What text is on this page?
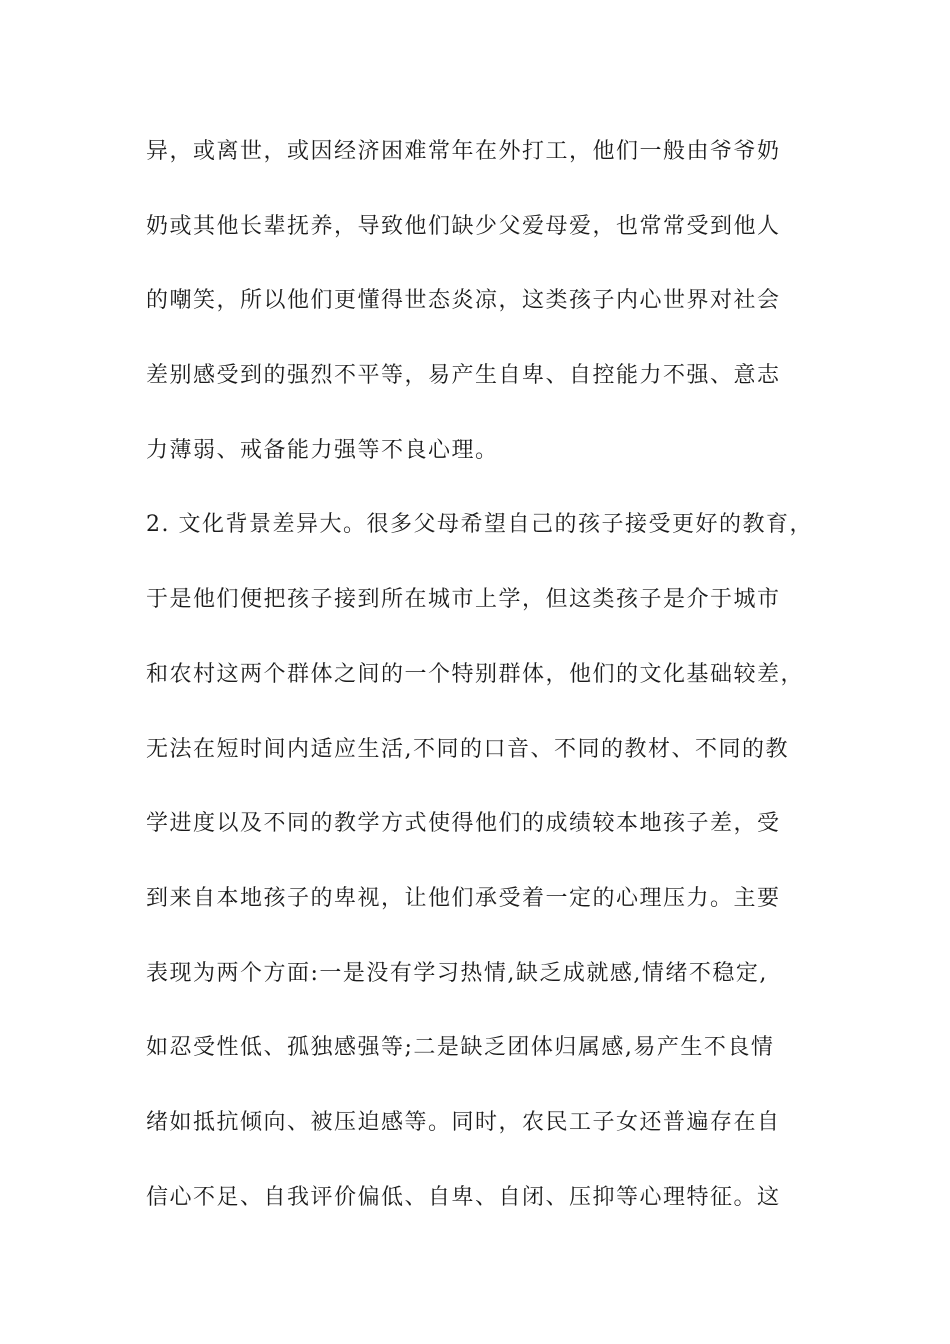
异，或离世，或因经济困难常年在外打工，他们一般由爷爷奶
奶或其他长辈抚养，导致他们缺少父爱母爱，也常常受到他人
的嘲笑，所以他们更懂得世态炎凉，这类孩子内心世界对社会
差别感受到的强烈不平等，易产生自卑、自控能力不强、意志
力薄弱、戒备能力强等不良心理。
2. 文化背景差异大。很多父母希望自己的孩子接受更好的教育，
于是他们便把孩子接到所在城市上学，但这类孩子是介于城市
和农村这两个群体之间的一个特别群体，他们的文化基础较差，
无法在短时间内适应生活,不同的口音、不同的教材、不同的教
学进度以及不同的教学方式使得他们的成绩较本地孩子差，受
到来自本地孩子的卑视，让他们承受着一定的心理压力。主要
表现为两个方面:一是没有学习热情,缺乏成就感,情绪不稳定,
如忍受性低、孤独感强等;二是缺乏团体归属感,易产生不良情
绪如抵抗倾向、被压迫感等。同时，农民工子女还普遍存在自
信心不足、自我评价偏低、自卑、自闭、压抑等心理特征。这
